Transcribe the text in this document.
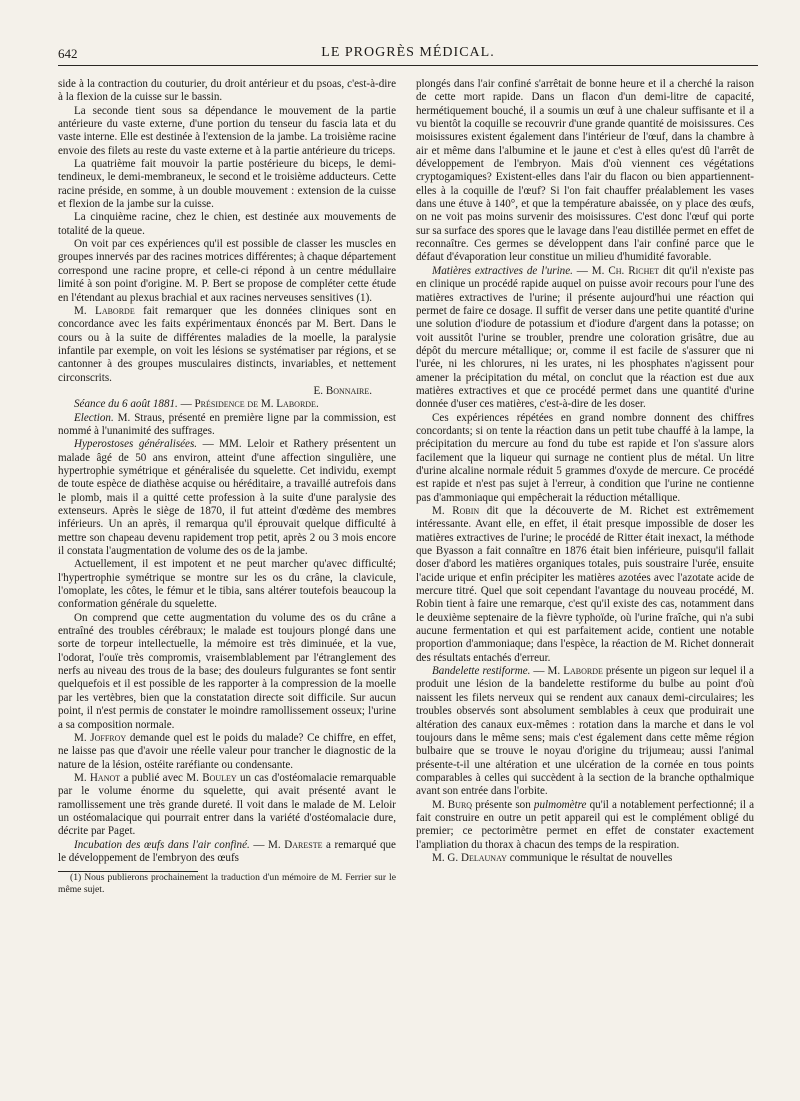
642	LE PROGRÈS MÉDICAL.

side à la contraction du couturier, du droit antérieur et du psoas, c'est-à-dire à la flexion de la cuisse sur le bassin.

La seconde tient sous sa dépendance le mouvement de la partie antérieure du vaste externe, d'une portion du tenseur du fascia lata et du vaste interne. Elle est destinée à l'extension de la jambe. La troisième racine envoie des filets au reste du vaste externe et à la partie antérieure du triceps.

La quatrième fait mouvoir la partie postérieure du biceps, le demi-tendineux, le demi-membraneux, le second et le troisième adducteurs. Cette racine préside, en somme, à un double mouvement : extension de la cuisse et flexion de la jambe sur la cuisse.

La cinquième racine, chez le chien, est destinée aux mouvements de totalité de la queue.

On voit par ces expériences qu'il est possible de classer les muscles en groupes innervés par des racines motrices différentes; à chaque département correspond une racine propre, et celle-ci répond à un centre médullaire limité à son point d'origine. M. P. Bert se propose de compléter cette étude en l'étendant au plexus brachial et aux racines nerveuses sensitives (1).

M. Laborde fait remarquer que les données cliniques sont en concordance avec les faits expérimentaux énoncés par M. Bert. Dans le cours ou à la suite de différentes maladies de la moelle, la paralysie infantile par exemple, on voit les lésions se systématiser par régions, et se cantonner à des groupes musculaires distincts, invariables, et nettement circonscrits.

E. Bonnaire.

Séance du 6 août 1881. — Présidence de M. Laborde.

Election. M. Straus, présenté en première ligne par la commission, est nommé à l'unanimité des suffrages.

Hyperostoses généralisées. — MM. Leloir et Rathery présentent un malade âgé de 50 ans environ, atteint d'une affection singulière, une hypertrophie symétrique et généralisée du squelette. Cet individu, exempt de toute espèce de diathèse acquise ou héréditaire, a travaillé autrefois dans le plomb, mais il a quitté cette profession à la suite d'une paralysie des extenseurs. Après le siège de 1870, il fut atteint d'œdème des membres inférieurs. Un an après, il remarqua qu'il éprouvait quelque difficulté à mettre son chapeau devenu rapidement trop petit, après 2 ou 3 mois encore il constata l'augmentation de volume des os de la jambe.

Actuellement, il est impotent et ne peut marcher qu'avec difficulté; l'hypertrophie symétrique se montre sur les os du crâne, la clavicule, l'omoplate, les côtes, le fémur et le tibia, sans altérer toutefois beaucoup la conformation générale du squelette.

On comprend que cette augmentation du volume des os du crâne a entraîné des troubles cérébraux; le malade est toujours plongé dans une sorte de torpeur intellectuelle, la mémoire est très diminuée, et la vue, l'odorat, l'ouïe très compromis, vraisemblablement par l'étranglement des nerfs au niveau des trous de la base; des douleurs fulgurantes se font sentir quelquefois et il est possible de les rapporter à la compression de la moelle par les vertèbres, bien que la constatation directe soit difficile. Sur aucun point, il n'est permis de constater le moindre ramollissement osseux; l'urine a sa composition normale.

M. Joffroy demande quel est le poids du malade? Ce chiffre, en effet, ne laisse pas que d'avoir une réelle valeur pour trancher le diagnostic de la nature de la lésion, ostéite raréfiante ou condensante.

M. Hanot a publié avec M. Bouley un cas d'ostéomalacie remarquable par le volume énorme du squelette, qui avait présenté avant le ramollissement une très grande dureté. Il voit dans le malade de M. Leloir un ostéomalacique qui pourrait entrer dans la variété d'ostéomalacie dure, décrite par Paget.

Incubation des œufs dans l'air confiné. — M. Dareste a remarqué que le développement de l'embryon des œufs

(1) Nous publierons prochainement la traduction d'un mémoire de M. Ferrier sur le même sujet.

plongés dans l'air confiné s'arrêtait de bonne heure et il a cherché la raison de cette mort rapide. Dans un flacon d'un demi-litre de capacité, hermétiquement bouché, il a soumis un œuf à une chaleur suffisante et il a vu bientôt la coquille se recouvrir d'une grande quantité de moisissures. Ces moisissures existent également dans l'intérieur de l'œuf, dans la chambre à air et même dans l'albumine et le jaune et c'est à elles qu'est dû l'arrêt de développement de l'embryon. Mais d'où viennent ces végétations cryptogamiques? Existent-elles dans l'air du flacon ou bien appartiennent-elles à la coquille de l'œuf? Si l'on fait chauffer préalablement les vases dans une étuve à 140°, et que la température abaissée, on y place des œufs, on ne voit pas moins survenir des moisissures. C'est donc l'œuf qui porte sur sa surface des spores que le lavage dans l'eau distillée permet en effet de reconnaître. Ces germes se développent dans l'air confiné parce que le défaut d'évaporation leur constitue un milieu d'humidité favorable.

Matières extractives de l'urine. — M. Ch. Richet dit qu'il n'existe pas en clinique un procédé rapide auquel on puisse avoir recours pour l'une des matières extractives de l'urine; il présente aujourd'hui une réaction qui permet de faire ce dosage. Il suffit de verser dans une petite quantité d'urine une solution d'iodure de potassium et d'iodure d'argent dans la potasse; on voit aussitôt l'urine se troubler, prendre une coloration grisâtre, due au dépôt du mercure métallique; or, comme il est facile de s'assurer que ni l'urée, ni les chlorures, ni les urates, ni les phosphates n'agissent pour amener la précipitation du métal, on conclut que la réaction est due aux matières extractives et que ce procédé permet dans une quantité d'urine donnée d'user ces matières, c'est-à-dire de les doser.

Ces expériences répétées en grand nombre donnent des chiffres concordants; si on tente la réaction dans un petit tube chauffé à la lampe, la précipitation du mercure au fond du tube est rapide et l'on s'assure alors facilement que la liqueur qui surnage ne contient plus de métal. Un litre d'urine alcaline normale réduit 5 grammes d'oxyde de mercure. Ce procédé est rapide et n'est pas sujet à l'erreur, à condition que l'urine ne contienne pas d'ammoniaque qui empêcherait la réduction métallique.

M. Robin dit que la découverte de M. Richet est extrêmement intéressante. Avant elle, en effet, il était presque impossible de doser les matières extractives de l'urine; le procédé de Ritter était inexact, la méthode que Byasson a fait connaître en 1876 était bien inférieure, puisqu'il fallait doser d'abord les matières organiques totales, puis soustraire l'urée, ensuite l'acide urique et enfin précipiter les matières azotées avec l'azotate acide de mercure titré. Quel que soit cependant l'avantage du nouveau procédé, M. Robin tient à faire une remarque, c'est qu'il existe des cas, notamment dans le deuxième septenaire de la fièvre typhoïde, où l'urine fraîche, qui n'a subi aucune fermentation et qui est parfaitement acide, contient une notable proportion d'ammoniaque; dans l'espèce, la réaction de M. Richet donnerait des résultats entachés d'erreur.

Bandelette restiforme. — M. Laborde présente un pigeon sur lequel il a produit une lésion de la bandelette restiforme du bulbe au point d'où naissent les filets nerveux qui se rendent aux canaux demi-circulaires; les troubles observés sont absolument semblables à ceux que produirait une altération des canaux eux-mêmes : rotation dans la marche et dans le vol toujours dans le même sens; mais c'est également dans cette même région bulbaire que se trouve le noyau d'origine du trijumeau; aussi l'animal présente-t-il une altération et une ulcération de la cornée en tous points comparables à celles qui succèdent à la section de la branche opthalmique avant son entrée dans l'orbite.

M. Burq présente son pulmomètre qu'il a notablement perfectionné; il a fait construire en outre un petit appareil qui est le complément obligé du premier; ce pectorimètre permet en effet de constater exactement l'ampliation du thorax à chacun des temps de la respiration.

M. G. Delaunay communique le résultat de nouvelles
